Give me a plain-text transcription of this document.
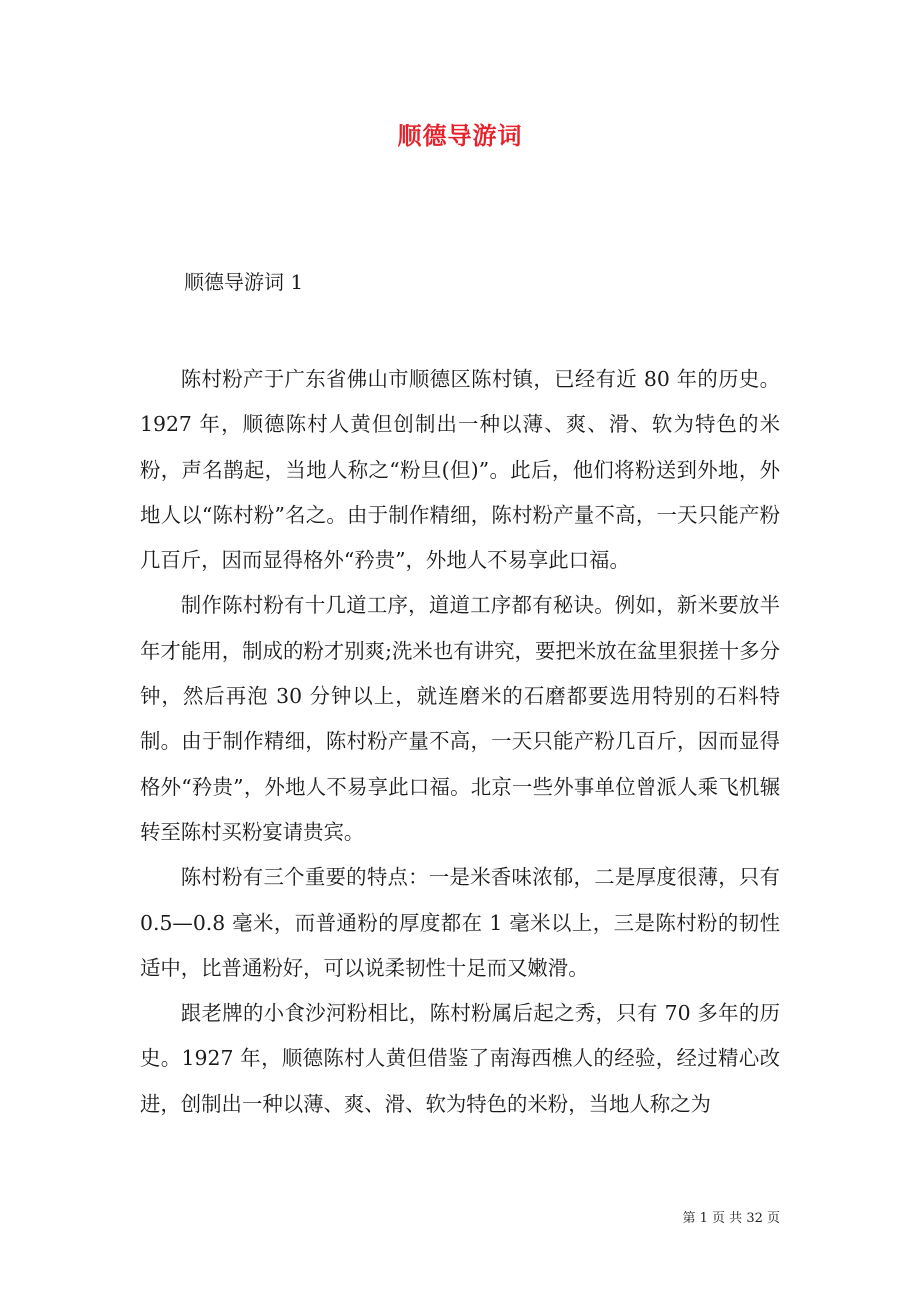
顺德导游词
顺德导游词 1

陈村粉产于广东省佛山市顺德区陈村镇，已经有近 80 年的历史。1927 年，顺德陈村人黄但创制出一种以薄、爽、滑、软为特色的米粉，声名鹊起，当地人称之“粉旦(但)”。此后，他们将粉送到外地，外地人以“陈村粉”名之。由于制作精细，陈村粉产量不高，一天只能产粉几百斤，因而显得格外“矜贵”，外地人不易享此口福。

制作陈村粉有十几道工序，道道工序都有秘诀。例如，新米要放半年才能用，制成的粉才别爽;洗米也有讲究，要把米放在盆里狠搓十多分钟，然后再泡 30 分钟以上，就连磨米的石磨都要选用特别的石料特制。由于制作精细，陈村粉产量不高，一天只能产粉几百斤，因而显得格外“矜贵”，外地人不易享此口福。北京一些外事单位曾派人乘飞机辗转至陈村买粉宴请贵宾。

陈村粉有三个重要的特点：一是米香味浓郁，二是厚度很薄，只有 0.5—0.8 毫米，而普通粉的厚度都在 1 毫米以上，三是陈村粉的韧性适中，比普通粉好，可以说柔韧性十足而又嫩滑。

跟老牌的小食沙河粉相比，陈村粉属后起之秀，只有 70 多年的历史。1927 年，顺德陈村人黄但借鉴了南海西樵人的经验，经过精心改进，创制出一种以薄、爽、滑、软为特色的米粉，当地人称之为

第 1 页 共 32 页
